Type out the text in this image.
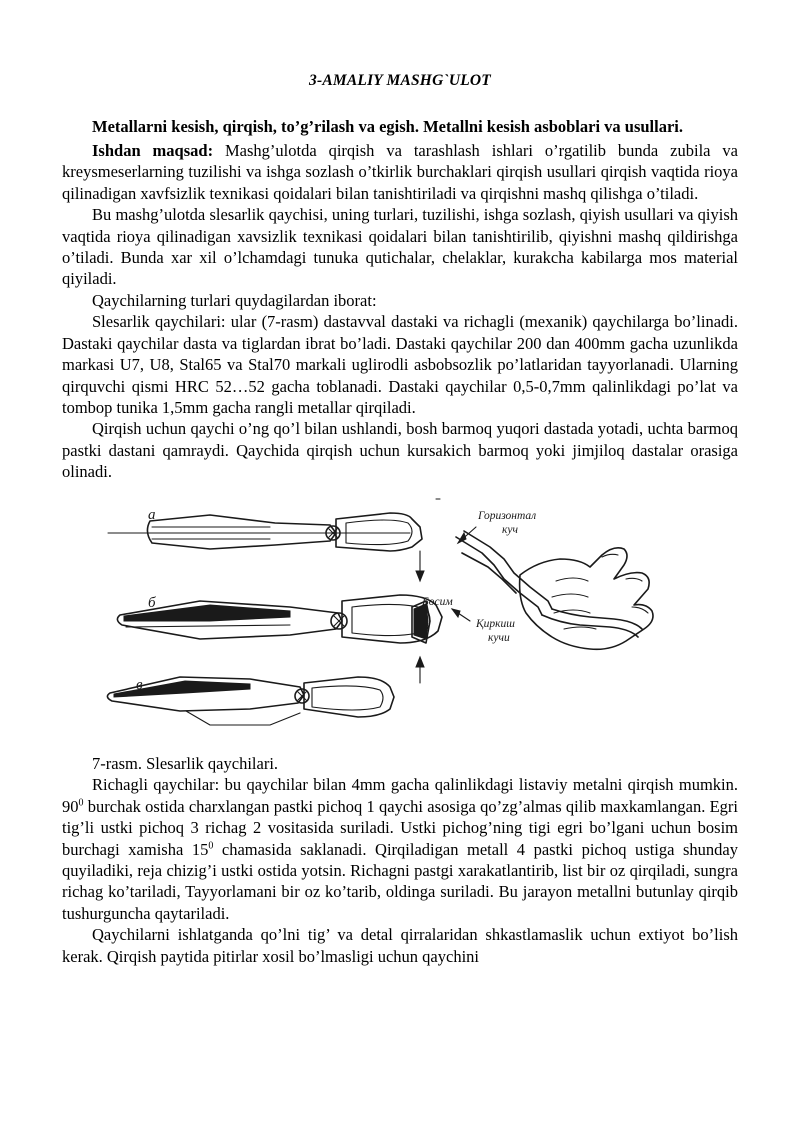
3-AMALIY MASHG`ULOT
Metallarni kesish, qirqish, to’g’rilash va egish. Metallni kesish asboblari va usullari.

Ishdan maqsad: Mashg’ulotda qirqish va tarashlash ishlari o’rgatilib bunda zubila va kreysmeserlarning tuzilishi va ishga sozlash o’tkirlik burchaklari qirqish usullari qirqish vaqtida rioya qilinadigan xavfsizlik texnikasi qoidalari bilan tanishtiriladi va qirqishni mashq qilishga o’tiladi.

Bu mashg’ulotda slesarlik qaychisi, uning turlari, tuzilishi, ishga sozlash, qiyish usullari va qiyish vaqtida rioya qilinadigan xavsizlik texnikasi qoidalari bilan tanishtirilib, qiyishni mashq qildirishga o’tiladi. Bunda xar xil o’lchamdagi tunuka qutichalar, chelaklar, kurakcha kabilarga mos material qiyiladi.

Qaychilarning turlari quydagilardan iborat:

Slesarlik qaychilari: ular (7-rasm) dastavval dastaki va richagli (mexanik) qaychilarga bo’linadi. Dastaki qaychilar dasta va tiglardan ibrat bo’ladi. Dastaki qaychilar 200 dan 400mm gacha uzunlikda markasi U7, U8, Stal65 va Stal70 markali uglirodli asbobsozlik po’latlaridan tayyorlanadi. Ularning qirquvchi qismi HRC 52…52 gacha toblanadi. Dastaki qaychilar 0,5-0,7mm qalinlikdagi po’lat va tombop tunika 1,5mm gacha rangli metallar qirqiladi.

Qirqish uchun qaychi o’ng qo’l bilan ushlandi, bosh barmoq yuqori dastada yotadi, uchta barmoq pastki dastani qamraydi. Qaychida qirqish uchun kursakich barmoq yoki jimjiloq dastalar orasiga olinadi.

а
б
в
Горизонтал
куч
Босим
Қиркиш
кучи

7-rasm. Slesarlik qaychilari.

Richagli qaychilar: bu qaychilar bilan 4mm gacha qalinlikdagi listaviy metalni qirqish mumkin. $90^0$ burchak ostida charxlangan pastki pichoq 1 qaychi asosiga qo’zg’almas qilib maxkamlangan. Egri tig’li ustki pichoq 3 richag 2 vositasida suriladi. Ustki pichog’ning tigi egri bo’lgani uchun bosim burchagi xamisha $15^0$ chamasida saklanadi. Qirqiladigan metall 4 pastki pichoq ustiga shunday quyiladiki, reja chizig’i ustki ostida yotsin. Richagni pastgi xarakatlantirib, list bir oz qirqiladi, sungra richag ko’tariladi, Tayyorlamani bir oz ko’tarib, oldinga suriladi. Bu jarayon metallni butunlay qirqib tushurguncha qaytariladi.

Qaychilarni ishlatganda qo’lni tig’ va detal qirralaridan shkastlamaslik uchun extiyot bo’lish kerak. Qirqish paytida pitirlar xosil bo’lmasligi uchun qaychini
